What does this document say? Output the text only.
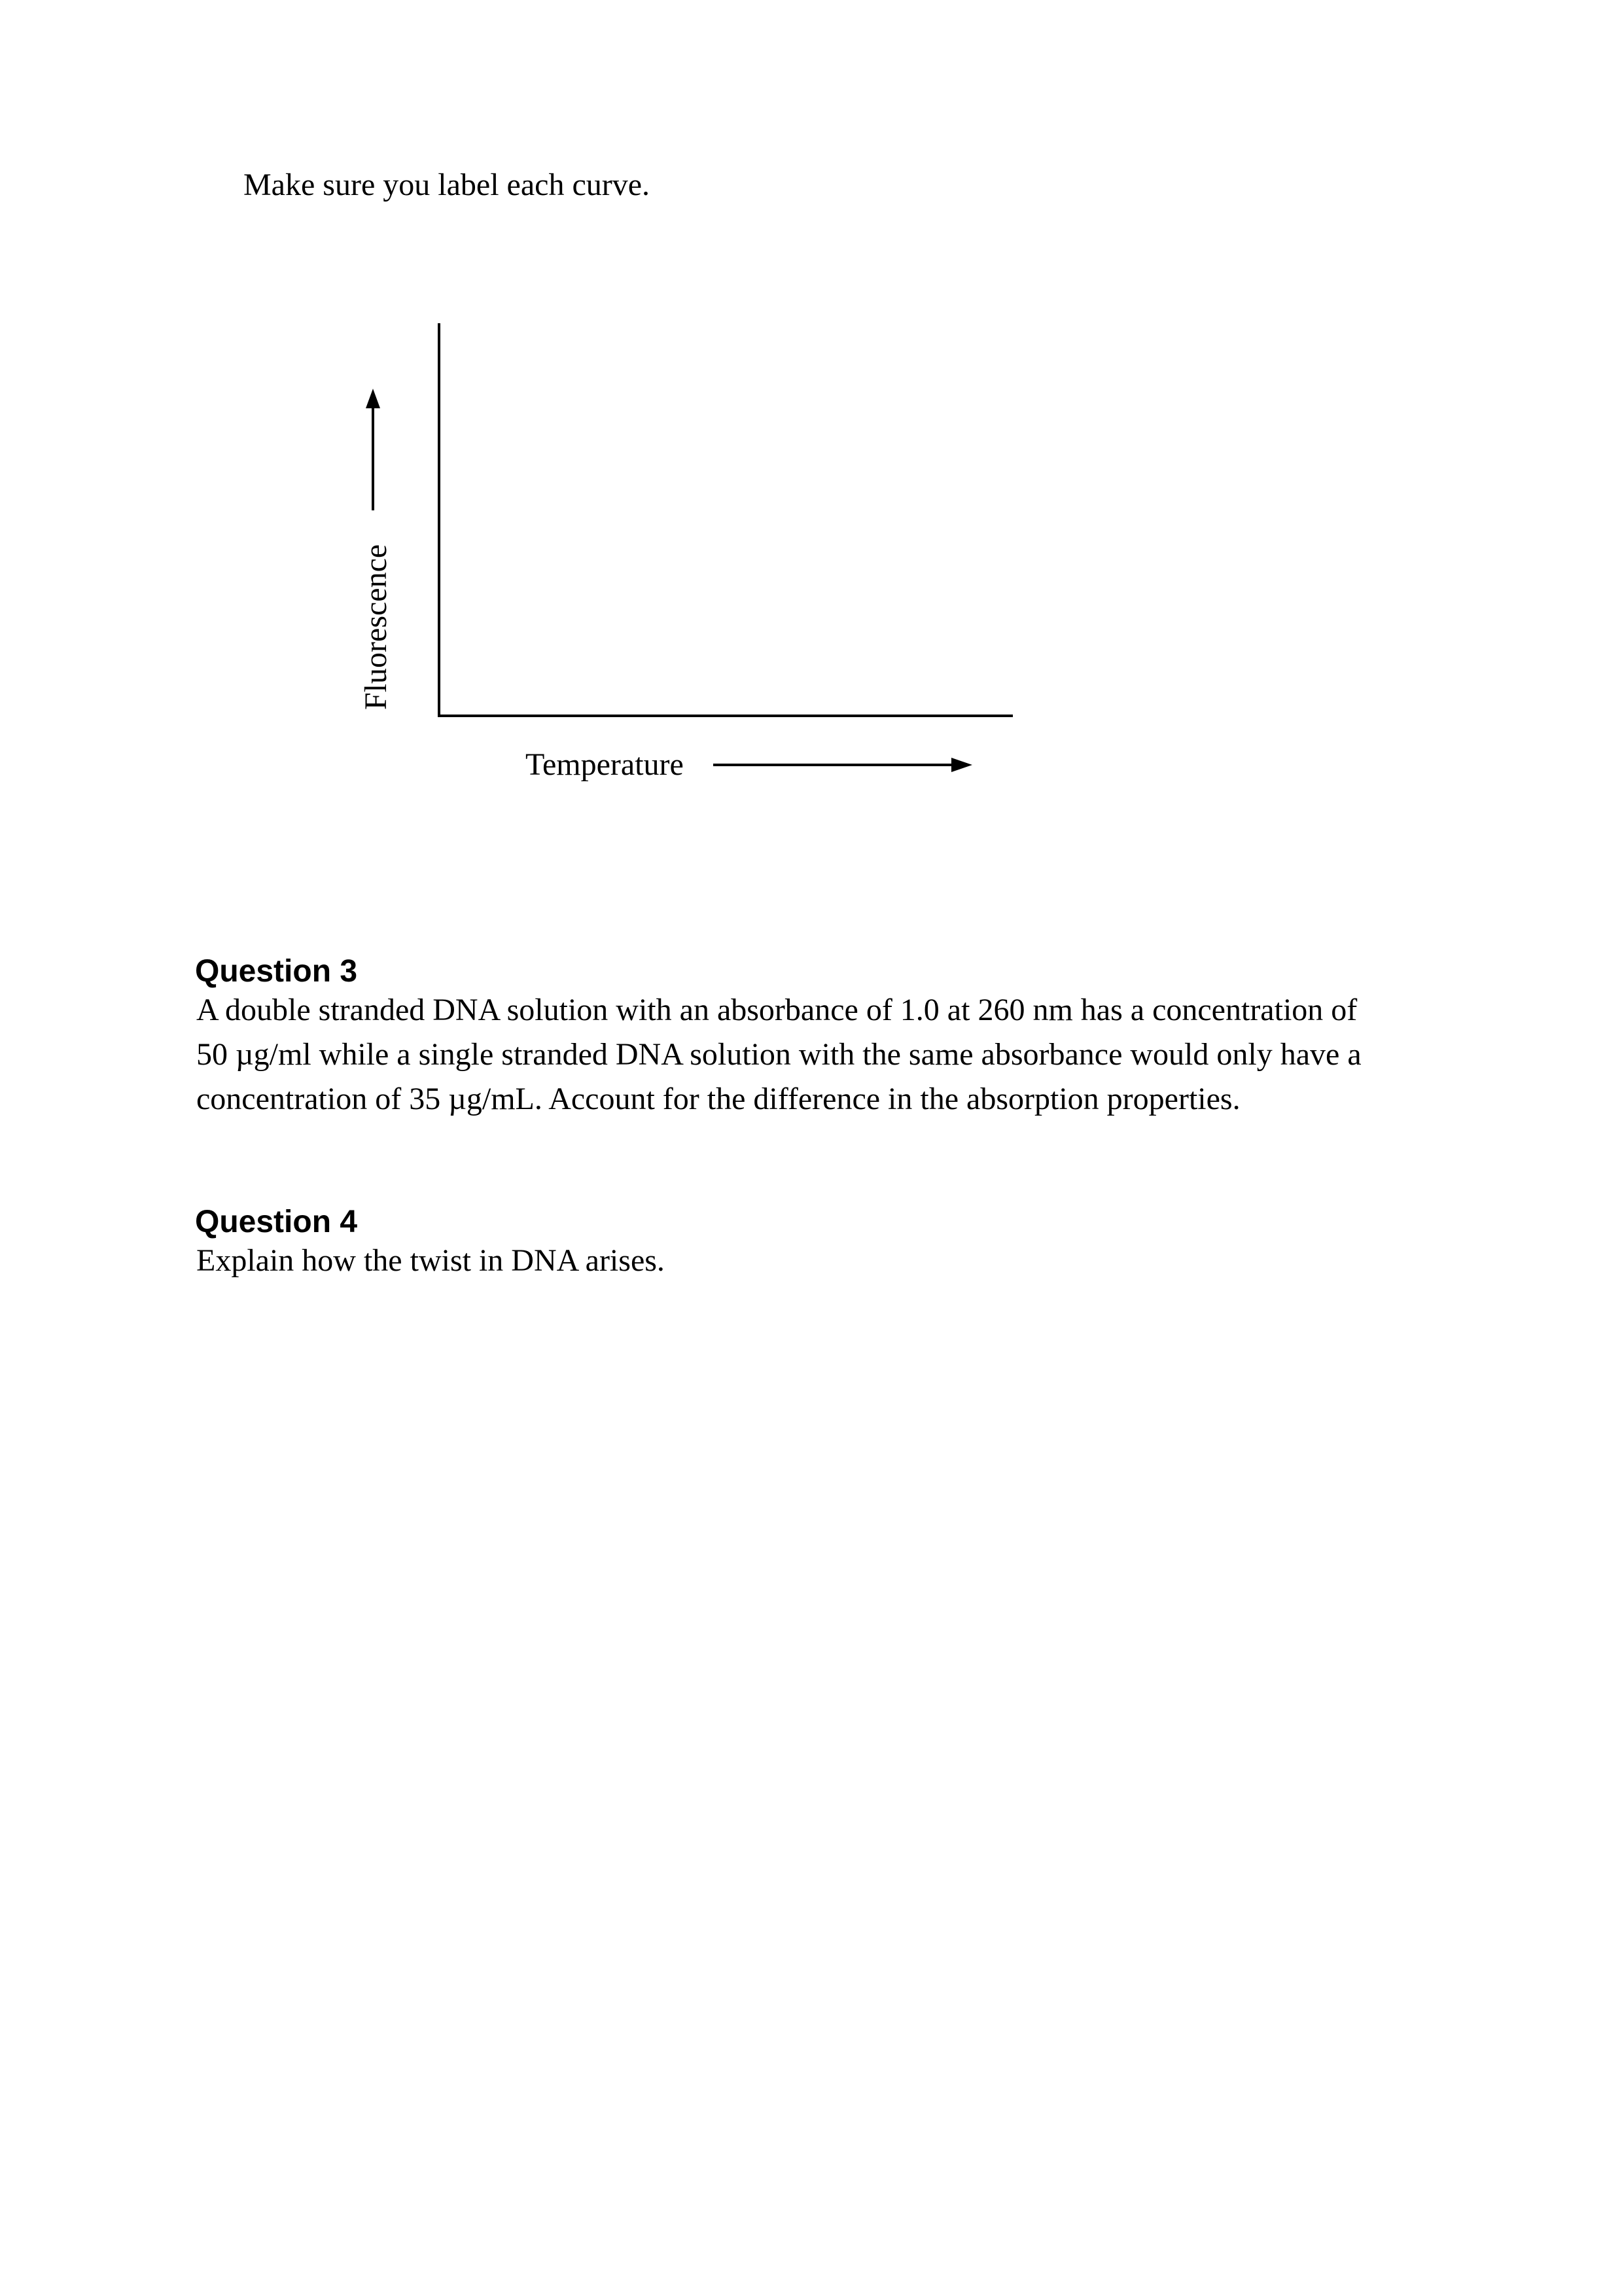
Make sure you label each curve.
Fluorescence
Temperature
Question 3
A double stranded DNA solution with an absorbance of 1.0 at 260 nm has a concentration of
50 µg/ml while a single stranded DNA solution with the same absorbance would only have a
concentration of 35 µg/mL. Account for the difference in the absorption properties.
Question 4
Explain how the twist in DNA arises.
